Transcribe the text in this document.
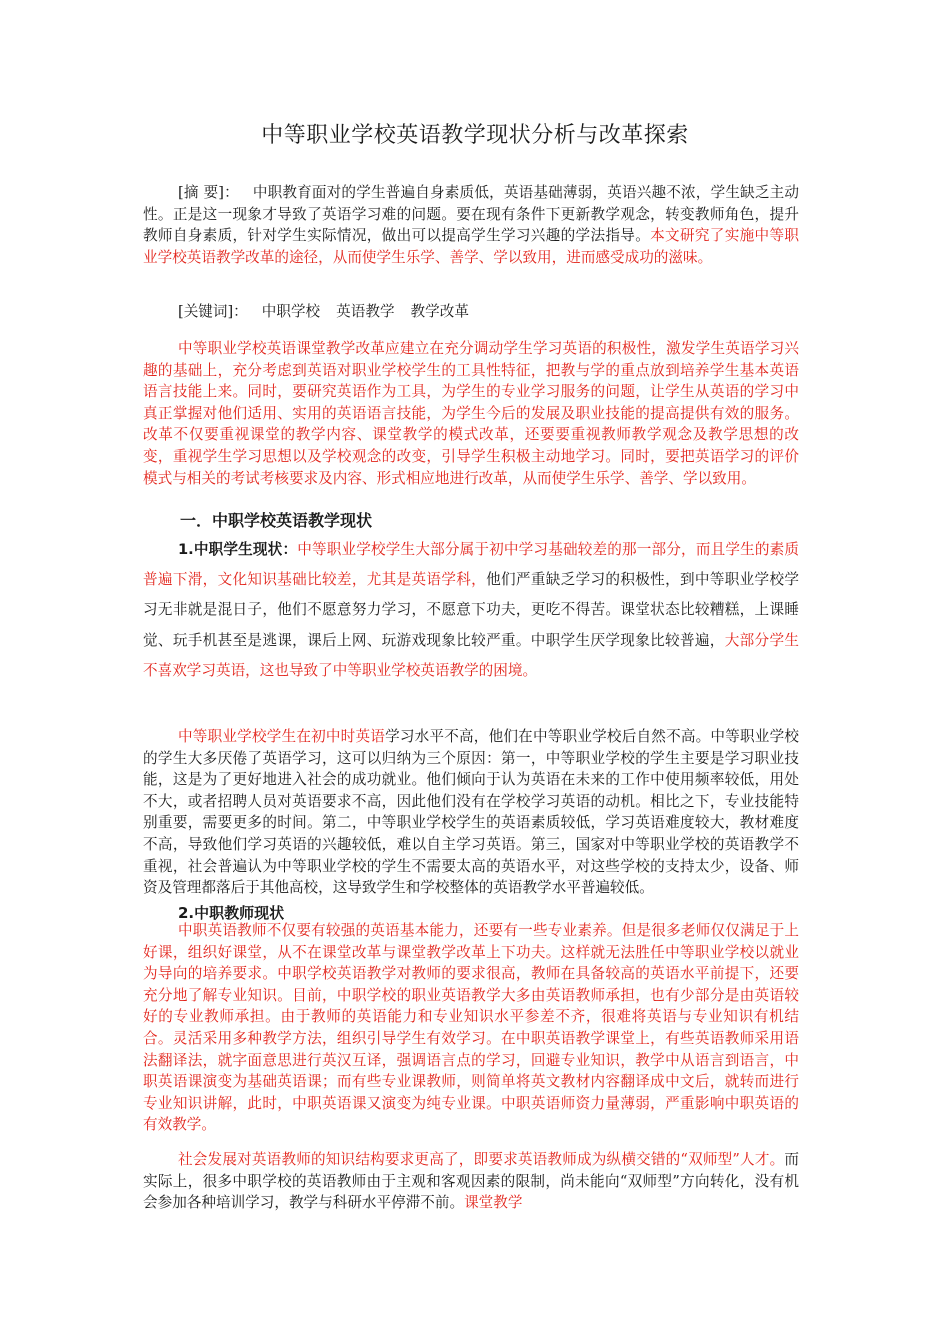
中等职业学校英语教学现状分析与改革探索
[摘 要]： 中职教育面对的学生普遍自身素质低，英语基础薄弱，英语兴趣不浓，学生缺乏主动性。正是这一现象才导致了英语学习难的问题。要在现有条件下更新教学观念，转变教师角色，提升教师自身素质，针对学生实际情况，做出可以提高学生学习兴趣的学法指导。本文研究了实施中等职业学校英语教学改革的途径，从而使学生乐学、善学、学以致用，进而感受成功的滋味。
[关键词]： 中职学校 英语教学 教学改革
中等职业学校英语课堂教学改革应建立在充分调动学生学习英语的积极性，激发学生英语学习兴趣的基础上，充分考虑到英语对职业学校学生的工具性特征，把教与学的重点放到培养学生基本英语语言技能上来。同时，要研究英语作为工具，为学生的专业学习服务的问题，让学生从英语的学习中真正掌握对他们适用、实用的英语语言技能，为学生今后的发展及职业技能的提高提供有效的服务。改革不仅要重视课堂的教学内容、课堂教学的模式改革，还要要重视教师教学观念及教学思想的改变，重视学生学习思想以及学校观念的改变，引导学生积极主动地学习。同时，要把英语学习的评价模式与相关的考试考核要求及内容、形式相应地进行改革，从而使学生乐学、善学、学以致用。
一．中职学校英语教学现状
1.中职学生现状：中等职业学校学生大部分属于初中学习基础较差的那一部分，而且学生的素质普遍下滑，文化知识基础比较差，尤其是英语学科，他们严重缺乏学习的积极性，到中等职业学校学习无非就是混日子，他们不愿意努力学习，不愿意下功夫，更吃不得苦。课堂状态比较糟糕，上课睡觉、玩手机甚至是逃课，课后上网、玩游戏现象比较严重。中职学生厌学现象比较普遍，大部分学生不喜欢学习英语，这也导致了中等职业学校英语教学的困境。
中等职业学校学生在初中时英语学习水平不高，他们在中等职业学校后自然不高。中等职业学校的学生大多厌倦了英语学习，这可以归纳为三个原因：第一，中等职业学校的学生主要是学习职业技能，这是为了更好地进入社会的成功就业。他们倾向于认为英语在未来的工作中使用频率较低，用处不大，或者招聘人员对英语要求不高，因此他们没有在学校学习英语的动机。相比之下，专业技能特别重要，需要更多的时间。第二，中等职业学校学生的英语素质较低，学习英语难度较大，教材难度不高，导致他们学习英语的兴趣较低，难以自主学习英语。第三，国家对中等职业学校的英语教学不重视，社会普遍认为中等职业学校的学生不需要太高的英语水平，对这些学校的支持太少，设备、师资及管理都落后于其他高校，这导致学生和学校整体的英语教学水平普遍较低。
2.中职教师现状
中职英语教师不仅要有较强的英语基本能力，还要有一些专业素养。但是很多老师仅仅满足于上好课，组织好课堂，从不在课堂改革与课堂教学改革上下功夫。这样就无法胜任中等职业学校以就业为导向的培养要求。中职学校英语教学对教师的要求很高，教师在具备较高的英语水平前提下，还要充分地了解专业知识。目前，中职学校的职业英语教学大多由英语教师承担，也有少部分是由英语较好的专业教师承担。由于教师的英语能力和专业知识水平参差不齐，很难将英语与专业知识有机结合。灵活采用多种教学方法，组织引导学生有效学习。在中职英语教学课堂上，有些英语教师采用语法翻译法，就字面意思进行英汉互译，强调语言点的学习，回避专业知识，教学中从语言到语言，中职英语课演变为基础英语课；而有些专业课教师，则简单将英文教材内容翻译成中文后，就转而进行专业知识讲解，此时，中职英语课又演变为纯专业课。中职英语师资力量薄弱，严重影响中职英语的有效教学。
社会发展对英语教师的知识结构要求更高了，即要求英语教师成为纵横交错的“双师型”人才。而实际上，很多中职学校的英语教师由于主观和客观因素的限制，尚未能向“双师型”方向转化，没有机会参加各种培训学习，教学与科研水平停滞不前。课堂教学
